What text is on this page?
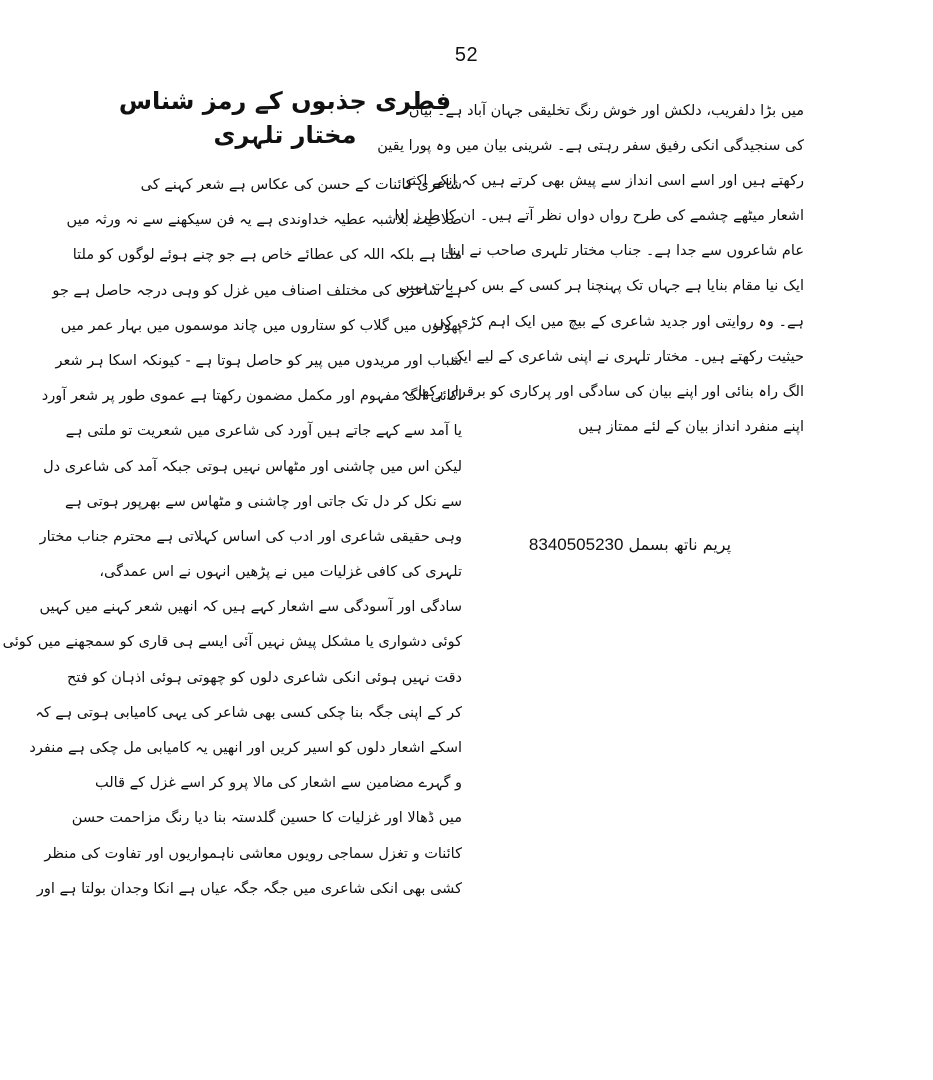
52
فطری جذبوں کے رمز شناس مختار تلہری
شاعری کائنات کے حسن کی عکاس ہے شعر کہنے کی
صلاحیت بلاشبہ عطیہ خداوندی ہے یہ فن سیکھنے سے نہ ورثہ میں
ملتا ہے بلکہ اللہ کی عطائے خاص ہے جو چنے ہوئے لوگوں کو ملتا
ہے شاعری کی مختلف اصناف میں غزل کو وہی درجہ حاصل ہے جو
پھولوں میں گلاب کو ستاروں میں چاند موسموں میں بہار عمر میں
شباب اور مریدوں میں پیر کو حاصل ہوتا ہے - کیونکہ اسکا ہر شعر
اکائی الگ مفہوم اور مکمل مضمون رکھتا ہے عموی طور پر شعر آورد
یا آمد سے کہے جاتے ہیں آورد کی شاعری میں شعریت تو ملتی ہے
لیکن اس میں چاشنی اور مٹھاس نہیں ہوتی جبکہ آمد کی شاعری دل
سے نکل کر دل تک جاتی اور چاشنی و مٹھاس سے بھرپور ہوتی ہے
وہی حقیقی شاعری اور ادب کی اساس کہلاتی ہے محترم جناب مختار
تلہری کی کافی غزلیات میں نے پڑھیں انہوں نے اس عمدگی،
سادگی اور آسودگی سے اشعار کہے ہیں کہ انھیں شعر کہنے میں کہیں
کوئی دشواری یا مشکل پیش نہیں آئی ایسے ہی قاری کو سمجھنے میں کوئی
دقت نہیں ہوئی انکی شاعری دلوں کو چھوتی ہوئی اذہان کو فتح
کر کے اپنی جگہ بنا چکی کسی بھی شاعر کی یہی کامیابی ہوتی ہے کہ
اسکے اشعار دلوں کو اسیر کریں اور انھیں یہ کامیابی مل چکی ہے منفرد
و گہرے مضامین سے اشعار کی مالا پرو کر اسے غزل کے قالب
میں ڈھالا اور غزلیات کا حسین گلدستہ بنا دیا رنگ مزاحمت حسن
کائنات و تغزل سماجی رویوں معاشی ناہمواریوں اور تفاوت کی منظر
کشی بھی انکی شاعری میں جگہ جگہ عیاں ہے انکا وجدان بولتا ہے اور
میں بڑا دلفریب، دلکش اور خوش رنگ تخلیقی جہان آباد ہے۔ بیان
کی سنجیدگی انکی رفیق سفر رہتی ہے۔ شرینی بیان میں وہ پورا یقین
رکھتے ہیں اور اسے اسی انداز سے پیش بھی کرتے ہیں کہ انکے اکثر
اشعار میٹھے چشمے کی طرح رواں دواں نظر آتے ہیں۔ ان کا طرز ادا
عام شاعروں سے جدا ہے۔ جناب مختار تلہری صاحب نے اپنا
ایک نیا مقام بنایا ہے جہاں تک پہنچنا ہر کسی کے بس کی بات نہیں
ہے۔ وہ روایتی اور جدید شاعری کے بیچ میں ایک اہم کڑی کی
حیثیت رکھتے ہیں۔ مختار تلہری نے اپنی شاعری کے لیے ایک
الگ راہ بنائی اور اپنے بیان کی سادگی اور پرکاری کو برقرار رکھا یہ
اپنے منفرد انداز بیان کے لئے ممتاز ہیں
پریم ناتھ بسمل 8340505230
